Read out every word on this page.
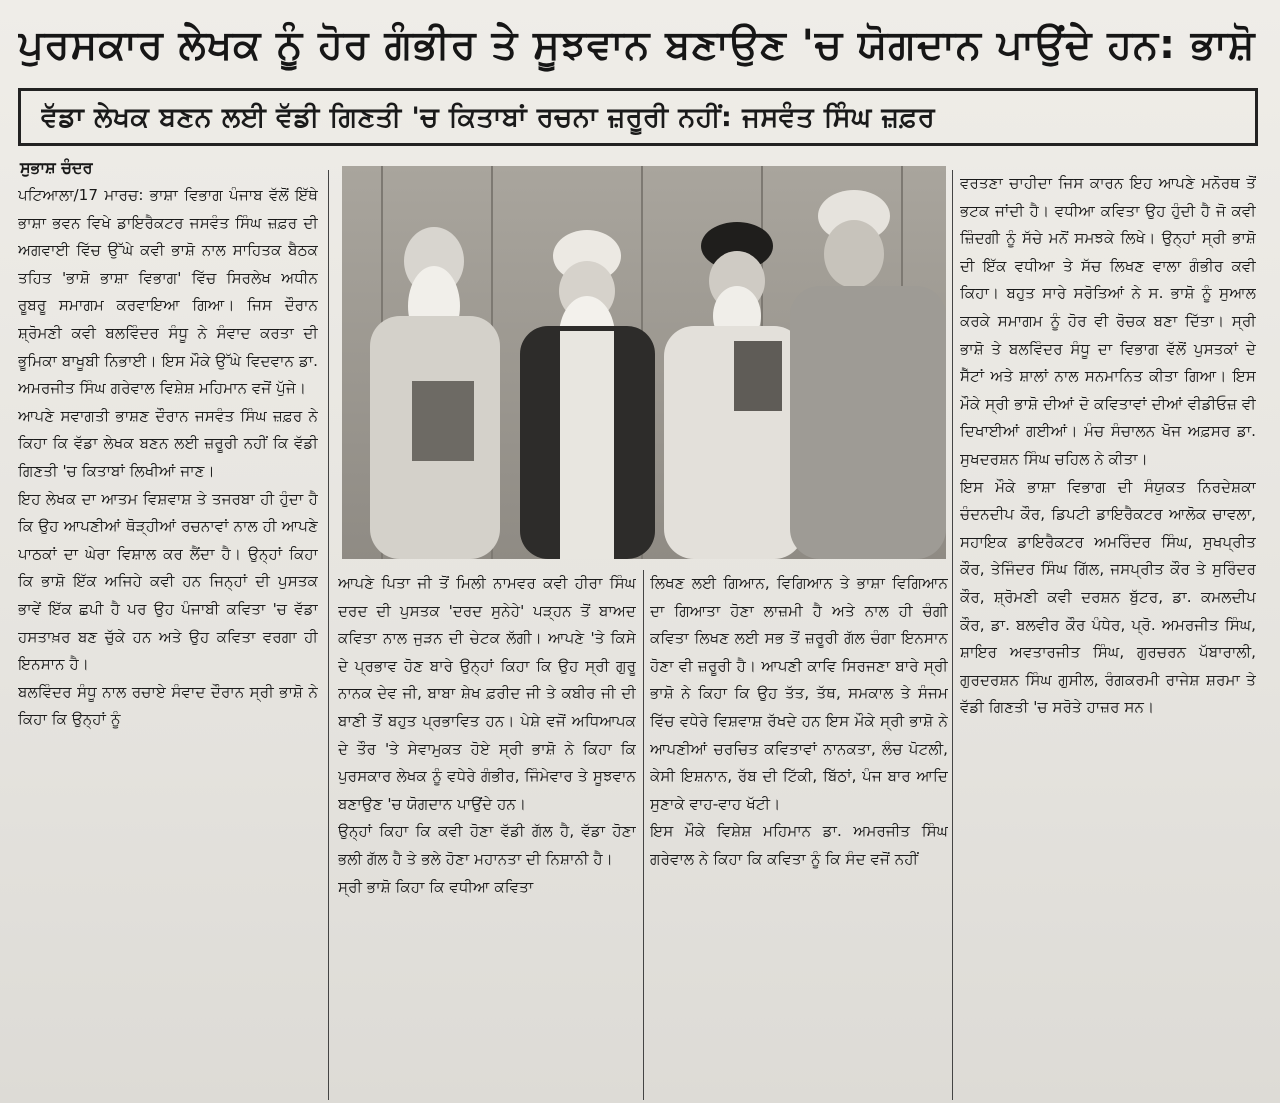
ਪੁਰਸਕਾਰ ਲੇਖਕ ਨੂੰ ਹੋਰ ਗੰਭੀਰ ਤੇ ਸੂਝਵਾਨ ਬਣਾਉਣ 'ਚ ਯੋਗਦਾਨ ਪਾਉਂਦੇ ਹਨ: ਭਾਸ਼ੋ
ਵੱਡਾ ਲੇਖਕ ਬਣਨ ਲਈ ਵੱਡੀ ਗਿਣਤੀ 'ਚ ਕਿਤਾਬਾਂ ਰਚਨਾ ਜ਼ਰੂਰੀ ਨਹੀਂ: ਜਸਵੰਤ ਸਿੰਘ ਜ਼ਫ਼ਰ
ਸੁਭਾਸ਼ ਚੰਦਰ

ਪਟਿਆਲਾ/17 ਮਾਰਚ: ਭਾਸ਼ਾ ਵਿਭਾਗ ਪੰਜਾਬ ਵੱਲੋਂ ਇੱਥੇ ਭਾਸ਼ਾ ਭਵਨ ਵਿਖੇ ਡਾਇਰੈਕਟਰ ਜਸਵੰਤ ਸਿੰਘ ਜ਼ਫ਼ਰ ਦੀ ਅਗਵਾਈ ਵਿੱਚ ਉੱਘੇ ਕਵੀ ਭਾਸ਼ੋ ਨਾਲ ਸਾਹਿਤਕ ਬੈਠਕ ਤਹਿਤ 'ਭਾਸ਼ੋ ਭਾਸ਼ਾ ਵਿਭਾਗ' ਵਿੱਚ ਸਿਰਲੇਖ ਅਧੀਨ ਰੂਬਰੂ ਸਮਾਗਮ ਕਰਵਾਇਆ ਗਿਆ। ਜਿਸ ਦੌਰਾਨ ਸ਼੍ਰੋਮਣੀ ਕਵੀ ਬਲਵਿੰਦਰ ਸੰਧੂ ਨੇ ਸੰਵਾਦ ਕਰਤਾ ਦੀ ਭੂਮਿਕਾ ਬਾਖੂਬੀ ਨਿਭਾਈ। ਇਸ ਮੌਕੇ ਉੱਘੇ ਵਿਦਵਾਨ ਡਾ. ਅਮਰਜੀਤ ਸਿੰਘ ਗਰੇਵਾਲ ਵਿਸ਼ੇਸ਼ ਮਹਿਮਾਨ ਵਜੋਂ ਪੁੱਜੇ।

ਆਪਣੇ ਸਵਾਗਤੀ ਭਾਸ਼ਣ ਦੌਰਾਨ ਜਸਵੰਤ ਸਿੰਘ ਜ਼ਫ਼ਰ ਨੇ ਕਿਹਾ ਕਿ ਵੱਡਾ ਲੇਖਕ ਬਣਨ ਲਈ ਜ਼ਰੂਰੀ ਨਹੀਂ ਕਿ ਵੱਡੀ ਗਿਣਤੀ 'ਚ ਕਿਤਾਬਾਂ ਲਿਖੀਆਂ ਜਾਣ।

ਇਹ ਲੇਖਕ ਦਾ ਆਤਮ ਵਿਸ਼ਵਾਸ਼ ਤੇ ਤਜਰਬਾ ਹੀ ਹੁੰਦਾ ਹੈ ਕਿ ਉਹ ਆਪਣੀਆਂ ਥੋੜ੍ਹੀਆਂ ਰਚਨਾਵਾਂ ਨਾਲ ਹੀ ਆਪਣੇ ਪਾਠਕਾਂ ਦਾ ਘੇਰਾ ਵਿਸ਼ਾਲ ਕਰ ਲੈਂਦਾ ਹੈ। ਉਨ੍ਹਾਂ ਕਿਹਾ ਕਿ ਭਾਸ਼ੋ ਇੱਕ ਅਜਿਹੇ ਕਵੀ ਹਨ ਜਿਨ੍ਹਾਂ ਦੀ ਪੁਸਤਕ ਭਾਵੇਂ ਇੱਕ ਛਪੀ ਹੈ ਪਰ ਉਹ ਪੰਜਾਬੀ ਕਵਿਤਾ 'ਚ ਵੱਡਾ ਹਸਤਾਖ਼ਰ ਬਣ ਚੁੱਕੇ ਹਨ ਅਤੇ ਉਹ ਕਵਿਤਾ ਵਰਗਾ ਹੀ ਇਨਸਾਨ ਹੈ।

ਬਲਵਿੰਦਰ ਸੰਧੂ ਨਾਲ ਰਚਾਏ ਸੰਵਾਦ ਦੌਰਾਨ ਸ੍ਰੀ ਭਾਸ਼ੋ ਨੇ ਕਿਹਾ ਕਿ ਉਨ੍ਹਾਂ ਨੂੰ

ਆਪਣੇ ਪਿਤਾ ਜੀ ਤੋਂ ਮਿਲੀ ਨਾਮਵਰ ਕਵੀ ਹੀਰਾ ਸਿੰਘ ਦਰਦ ਦੀ ਪੁਸਤਕ 'ਦਰਦ ਸੁਨੇਹੇ' ਪੜ੍ਹਨ ਤੋਂ ਬਾਅਦ ਕਵਿਤਾ ਨਾਲ ਜੁੜਨ ਦੀ ਚੇਟਕ ਲੱਗੀ। ਆਪਣੇ 'ਤੇ ਕਿਸੇ ਦੇ ਪ੍ਰਭਾਵ ਹੋਣ ਬਾਰੇ ਉਨ੍ਹਾਂ ਕਿਹਾ ਕਿ ਉਹ ਸ੍ਰੀ ਗੁਰੂ ਨਾਨਕ ਦੇਵ ਜੀ, ਬਾਬਾ ਸ਼ੇਖ ਫ਼ਰੀਦ ਜੀ ਤੇ ਕਬੀਰ ਜੀ ਦੀ ਬਾਣੀ ਤੋਂ ਬਹੁਤ ਪ੍ਰਭਾਵਿਤ ਹਨ। ਪੇਸ਼ੇ ਵਜੋਂ ਅਧਿਆਪਕ ਦੇ ਤੌਰ 'ਤੇ ਸੇਵਾਮੁਕਤ ਹੋਏ ਸ੍ਰੀ ਭਾਸ਼ੋ ਨੇ ਕਿਹਾ ਕਿ ਪੁਰਸਕਾਰ ਲੇਖਕ ਨੂੰ ਵਧੇਰੇ ਗੰਭੀਰ, ਜਿੰਮੇਵਾਰ ਤੇ ਸੂਝਵਾਨ ਬਣਾਉਣ 'ਚ ਯੋਗਦਾਨ ਪਾਉਂਦੇ ਹਨ।

ਉਨ੍ਹਾਂ ਕਿਹਾ ਕਿ ਕਵੀ ਹੋਣਾ ਵੱਡੀ ਗੱਲ ਹੈ, ਵੱਡਾ ਹੋਣਾ ਭਲੀ ਗੱਲ ਹੈ ਤੇ ਭਲੇ ਹੋਣਾ ਮਹਾਨਤਾ ਦੀ ਨਿਸ਼ਾਨੀ ਹੈ।

ਸ੍ਰੀ ਭਾਸ਼ੋ ਕਿਹਾ ਕਿ ਵਧੀਆ ਕਵਿਤਾ

ਲਿਖਣ ਲਈ ਗਿਆਨ, ਵਿਗਿਆਨ ਤੇ ਭਾਸ਼ਾ ਵਿਗਿਆਨ ਦਾ ਗਿਆਤਾ ਹੋਣਾ ਲਾਜ਼ਮੀ ਹੈ ਅਤੇ ਨਾਲ ਹੀ ਚੰਗੀ ਕਵਿਤਾ ਲਿਖਣ ਲਈ ਸਭ ਤੋਂ ਜ਼ਰੂਰੀ ਗੱਲ ਚੰਗਾ ਇਨਸਾਨ ਹੋਣਾ ਵੀ ਜ਼ਰੂਰੀ ਹੈ। ਆਪਣੀ ਕਾਵਿ ਸਿਰਜਣਾ ਬਾਰੇ ਸ੍ਰੀ ਭਾਸ਼ੋ ਨੇ ਕਿਹਾ ਕਿ ਉਹ ਤੱਤ, ਤੱਥ, ਸਮਕਾਲ ਤੇ ਸੰਜਮ ਵਿੱਚ ਵਧੇਰੇ ਵਿਸ਼ਵਾਸ਼ ਰੱਖਦੇ ਹਨ ਇਸ ਮੌਕੇ ਸ੍ਰੀ ਭਾਸ਼ੋ ਨੇ ਆਪਣੀਆਂ ਚਰਚਿਤ ਕਵਿਤਾਵਾਂ ਨਾਨਕਤਾ, ਲੰਚ ਪੋਟਲੀ, ਕੇਸੀ ਇਸ਼ਨਾਨ, ਰੱਬ ਦੀ ਟਿੱਕੀ, ਬਿੱਠਾਂ, ਪੰਜ ਬਾਰ ਆਦਿ ਸੁਣਾਕੇ ਵਾਹ-ਵਾਹ ਖੱਟੀ।

ਇਸ ਮੌਕੇ ਵਿਸ਼ੇਸ਼ ਮਹਿਮਾਨ ਡਾ. ਅਮਰਜੀਤ ਸਿੰਘ ਗਰੇਵਾਲ ਨੇ ਕਿਹਾ ਕਿ ਕਵਿਤਾ ਨੂੰ ਕਿ ਸੰਦ ਵਜੋਂ ਨਹੀਂ

ਵਰਤਣਾ ਚਾਹੀਦਾ ਜਿਸ ਕਾਰਨ ਇਹ ਆਪਣੇ ਮਨੋਰਥ ਤੋਂ ਭਟਕ ਜਾਂਦੀ ਹੈ। ਵਧੀਆ ਕਵਿਤਾ ਉਹ ਹੁੰਦੀ ਹੈ ਜੋ ਕਵੀ ਜ਼ਿੰਦਗੀ ਨੂੰ ਸੱਚੇ ਮਨੋਂ ਸਮਝਕੇ ਲਿਖੇ। ਉਨ੍ਹਾਂ ਸ੍ਰੀ ਭਾਸ਼ੋ ਦੀ ਇੱਕ ਵਧੀਆ ਤੇ ਸੱਚ ਲਿਖਣ ਵਾਲਾ ਗੰਭੀਰ ਕਵੀ ਕਿਹਾ। ਬਹੁਤ ਸਾਰੇ ਸਰੋਤਿਆਂ ਨੇ ਸ. ਭਾਸ਼ੋ ਨੂੰ ਸੁਆਲ ਕਰਕੇ ਸਮਾਗਮ ਨੂੰ ਹੋਰ ਵੀ ਰੋਚਕ ਬਣਾ ਦਿੱਤਾ। ਸ੍ਰੀ ਭਾਸ਼ੋ ਤੇ ਬਲਵਿੰਦਰ ਸੰਧੂ ਦਾ ਵਿਭਾਗ ਵੱਲੋਂ ਪੁਸਤਕਾਂ ਦੇ ਸੈੱਟਾਂ ਅਤੇ ਸ਼ਾਲਾਂ ਨਾਲ ਸਨਮਾਨਿਤ ਕੀਤਾ ਗਿਆ। ਇਸ ਮੌਕੇ ਸ੍ਰੀ ਭਾਸ਼ੋ ਦੀਆਂ ਦੋ ਕਵਿਤਾਵਾਂ ਦੀਆਂ ਵੀਡੀਓਜ਼ ਵੀ ਦਿਖਾਈਆਂ ਗਈਆਂ। ਮੰਚ ਸੰਚਾਲਨ ਖੋਜ ਅਫ਼ਸਰ ਡਾ. ਸੁਖਦਰਸ਼ਨ ਸਿੰਘ ਚਹਿਲ ਨੇ ਕੀਤਾ।

ਇਸ ਮੌਕੇ ਭਾਸ਼ਾ ਵਿਭਾਗ ਦੀ ਸੰਯੁਕਤ ਨਿਰਦੇਸ਼ਕਾ ਚੰਦਨਦੀਪ ਕੌਰ, ਡਿਪਟੀ ਡਾਇਰੈਕਟਰ ਆਲੋਕ ਚਾਵਲਾ, ਸਹਾਇਕ ਡਾਇਰੈਕਟਰ ਅਮਰਿੰਦਰ ਸਿੰਘ, ਸੁਖਪ੍ਰੀਤ ਕੌਰ, ਤੇਜਿੰਦਰ ਸਿੰਘ ਗਿੱਲ, ਜਸਪ੍ਰੀਤ ਕੌਰ ਤੇ ਸੁਰਿੰਦਰ ਕੌਰ, ਸ਼੍ਰੋਮਣੀ ਕਵੀ ਦਰਸ਼ਨ ਬੁੱਟਰ, ਡਾ. ਕਮਲਦੀਪ ਕੌਰ, ਡਾ. ਬਲਵੀਰ ਕੌਰ ਪੰਧੇਰ, ਪ੍ਰੋ. ਅਮਰਜੀਤ ਸਿੰਘ, ਸ਼ਾਇਰ ਅਵਤਾਰਜੀਤ ਸਿੰਘ, ਗੁਰਚਰਨ ਪੱਬਾਰਾਲੀ, ਗੁਰਦਰਸ਼ਨ ਸਿੰਘ ਗੁਸੀਲ, ਰੰਗਕਰਮੀ ਰਾਜੇਸ਼ ਸ਼ਰਮਾ ਤੇ ਵੱਡੀ ਗਿਣਤੀ 'ਚ ਸਰੋਤੇ ਹਾਜ਼ਰ ਸਨ।
